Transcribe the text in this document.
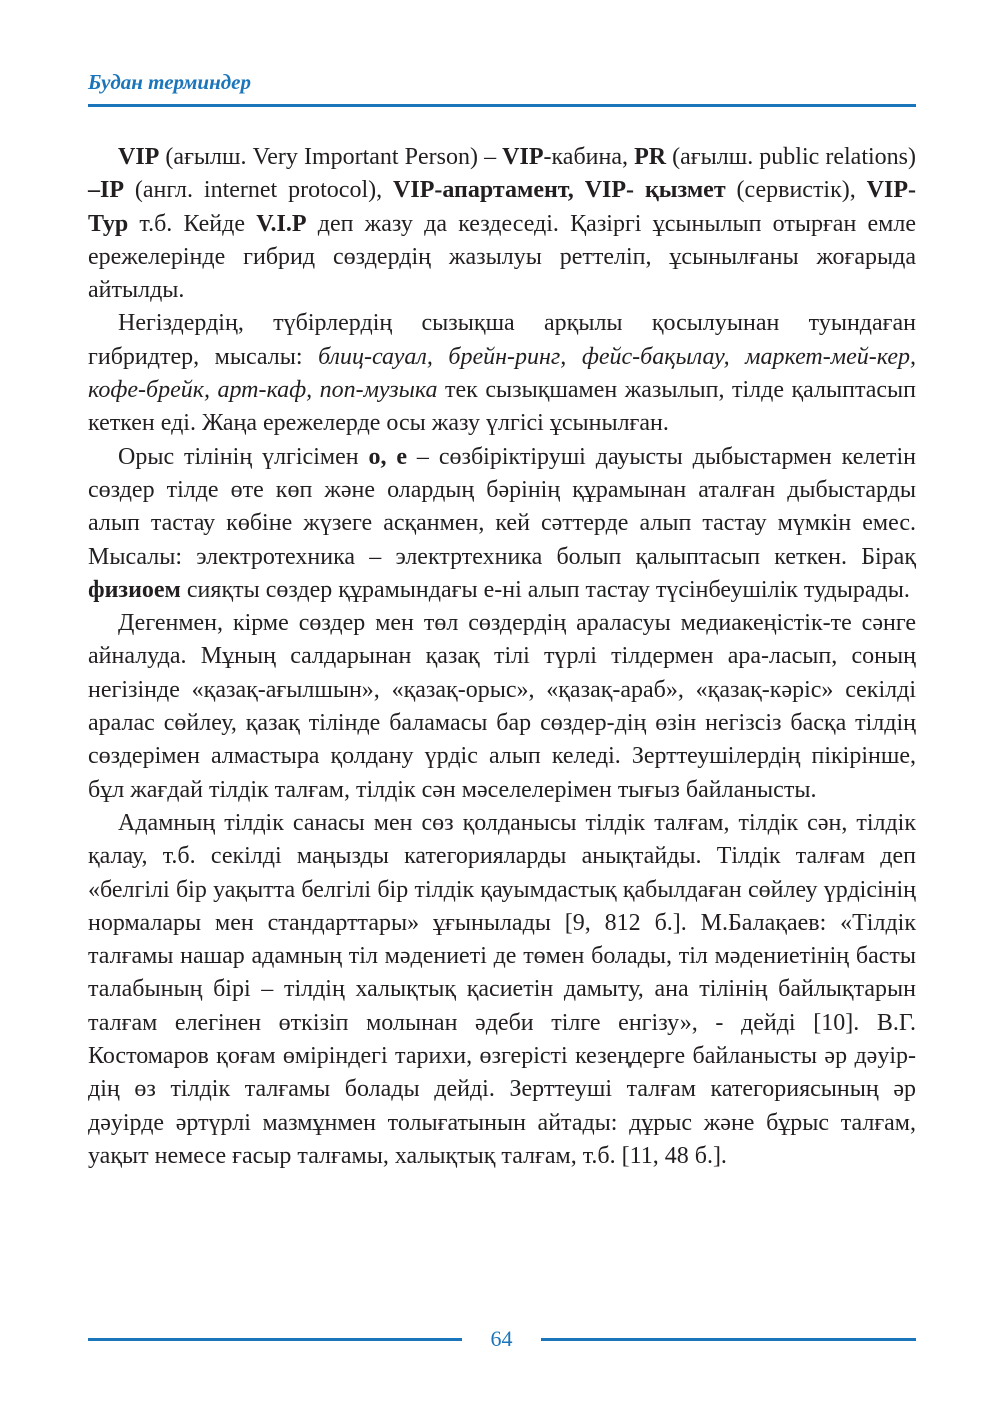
Будан терминдер

VIP (ағылш. Very Important Person) – VIP-кабина, PR (ағылш. public relations) –IP (англ. internet protocol), VIP-апартамент, VIP- қызмет (сервистік), VIP-Тур т.б. Кейде V.I.P деп жазу да кездеседі. Қазіргі ұсынылып отырған емле ережелерінде гибрид сөздердің жазылуы реттеліп, ұсынылғаны жоғарыда айтылды.

Негіздердің, түбірлердің сызықша арқылы қосылуынан туындаған гибридтер, мысалы: блиц-сауал, брейн-ринг, фейс-бақылау, маркет-мей-кер, кофе-брейк, арт-каф, поп-музыка тек сызықшамен жазылып, тілде қалыптасып кеткен еді. Жаңа ережелерде осы жазу үлгісі ұсынылған.

Орыс тілінің үлгісімен о, е – сөзбіріктіруші дауысты дыбыстармен келетін сөздер тілде өте көп және олардың бәрінің құрамынан аталған дыбыстарды алып тастау көбіне жүзеге асқанмен, кей сәттерде алып тастау мүмкін емес. Мысалы: электротехника – электртехника болып қалыптасып кеткен. Бірақ физиоем сияқты сөздер құрамындағы е-ні алып тастау түсінбеушілік тудырады.

Дегенмен, кірме сөздер мен төл сөздердің араласуы медиакеңістік-те сәнге айналуда. Мұның салдарынан қазақ тілі түрлі тілдермен ара-ласып, соның негізінде «қазақ-ағылшын», «қазақ-орыс», «қазақ-араб», «қазақ-кәріс» секілді аралас сөйлеу, қазақ тілінде баламасы бар сөздер-дің өзін негізсіз басқа тілдің сөздерімен алмастыра қолдану үрдіс алып келеді. Зерттеушілердің пікірінше, бұл жағдай тілдік талғам, тілдік сән мәселелерімен тығыз байланысты.

Адамның тілдік санасы мен сөз қолданысы тілдік талғам, тілдік сән, тілдік қалау, т.б. секілді маңызды категорияларды анықтайды. Тілдік талғам деп «белгілі бір уақытта белгілі бір тілдік қауымдастық қабылдаған сөйлеу үрдісінің нормалары мен стандарттары» ұғынылады [9, 812 б.]. М.Балақаев: «Тілдік талғамы нашар адамның тіл мәдениеті де төмен болады, тіл мәдениетінің басты талабының бірі – тілдің халықтық қасиетін дамыту, ана тілінің байлықтарын талғам елегінен өткізіп молынан әдеби тілге енгізу», - дейді [10]. В.Г. Костомаров қоғам өміріндегі тарихи, өзгерісті кезеңдерге байланысты әр дәуір-дің өз тілдік талғамы болады дейді. Зерттеуші талғам категориясының әр дәуірде әртүрлі мазмұнмен толығатынын айтады: дұрыс және бұрыс талғам, уақыт немесе ғасыр талғамы, халықтық талғам, т.б. [11, 48 б.].

64
